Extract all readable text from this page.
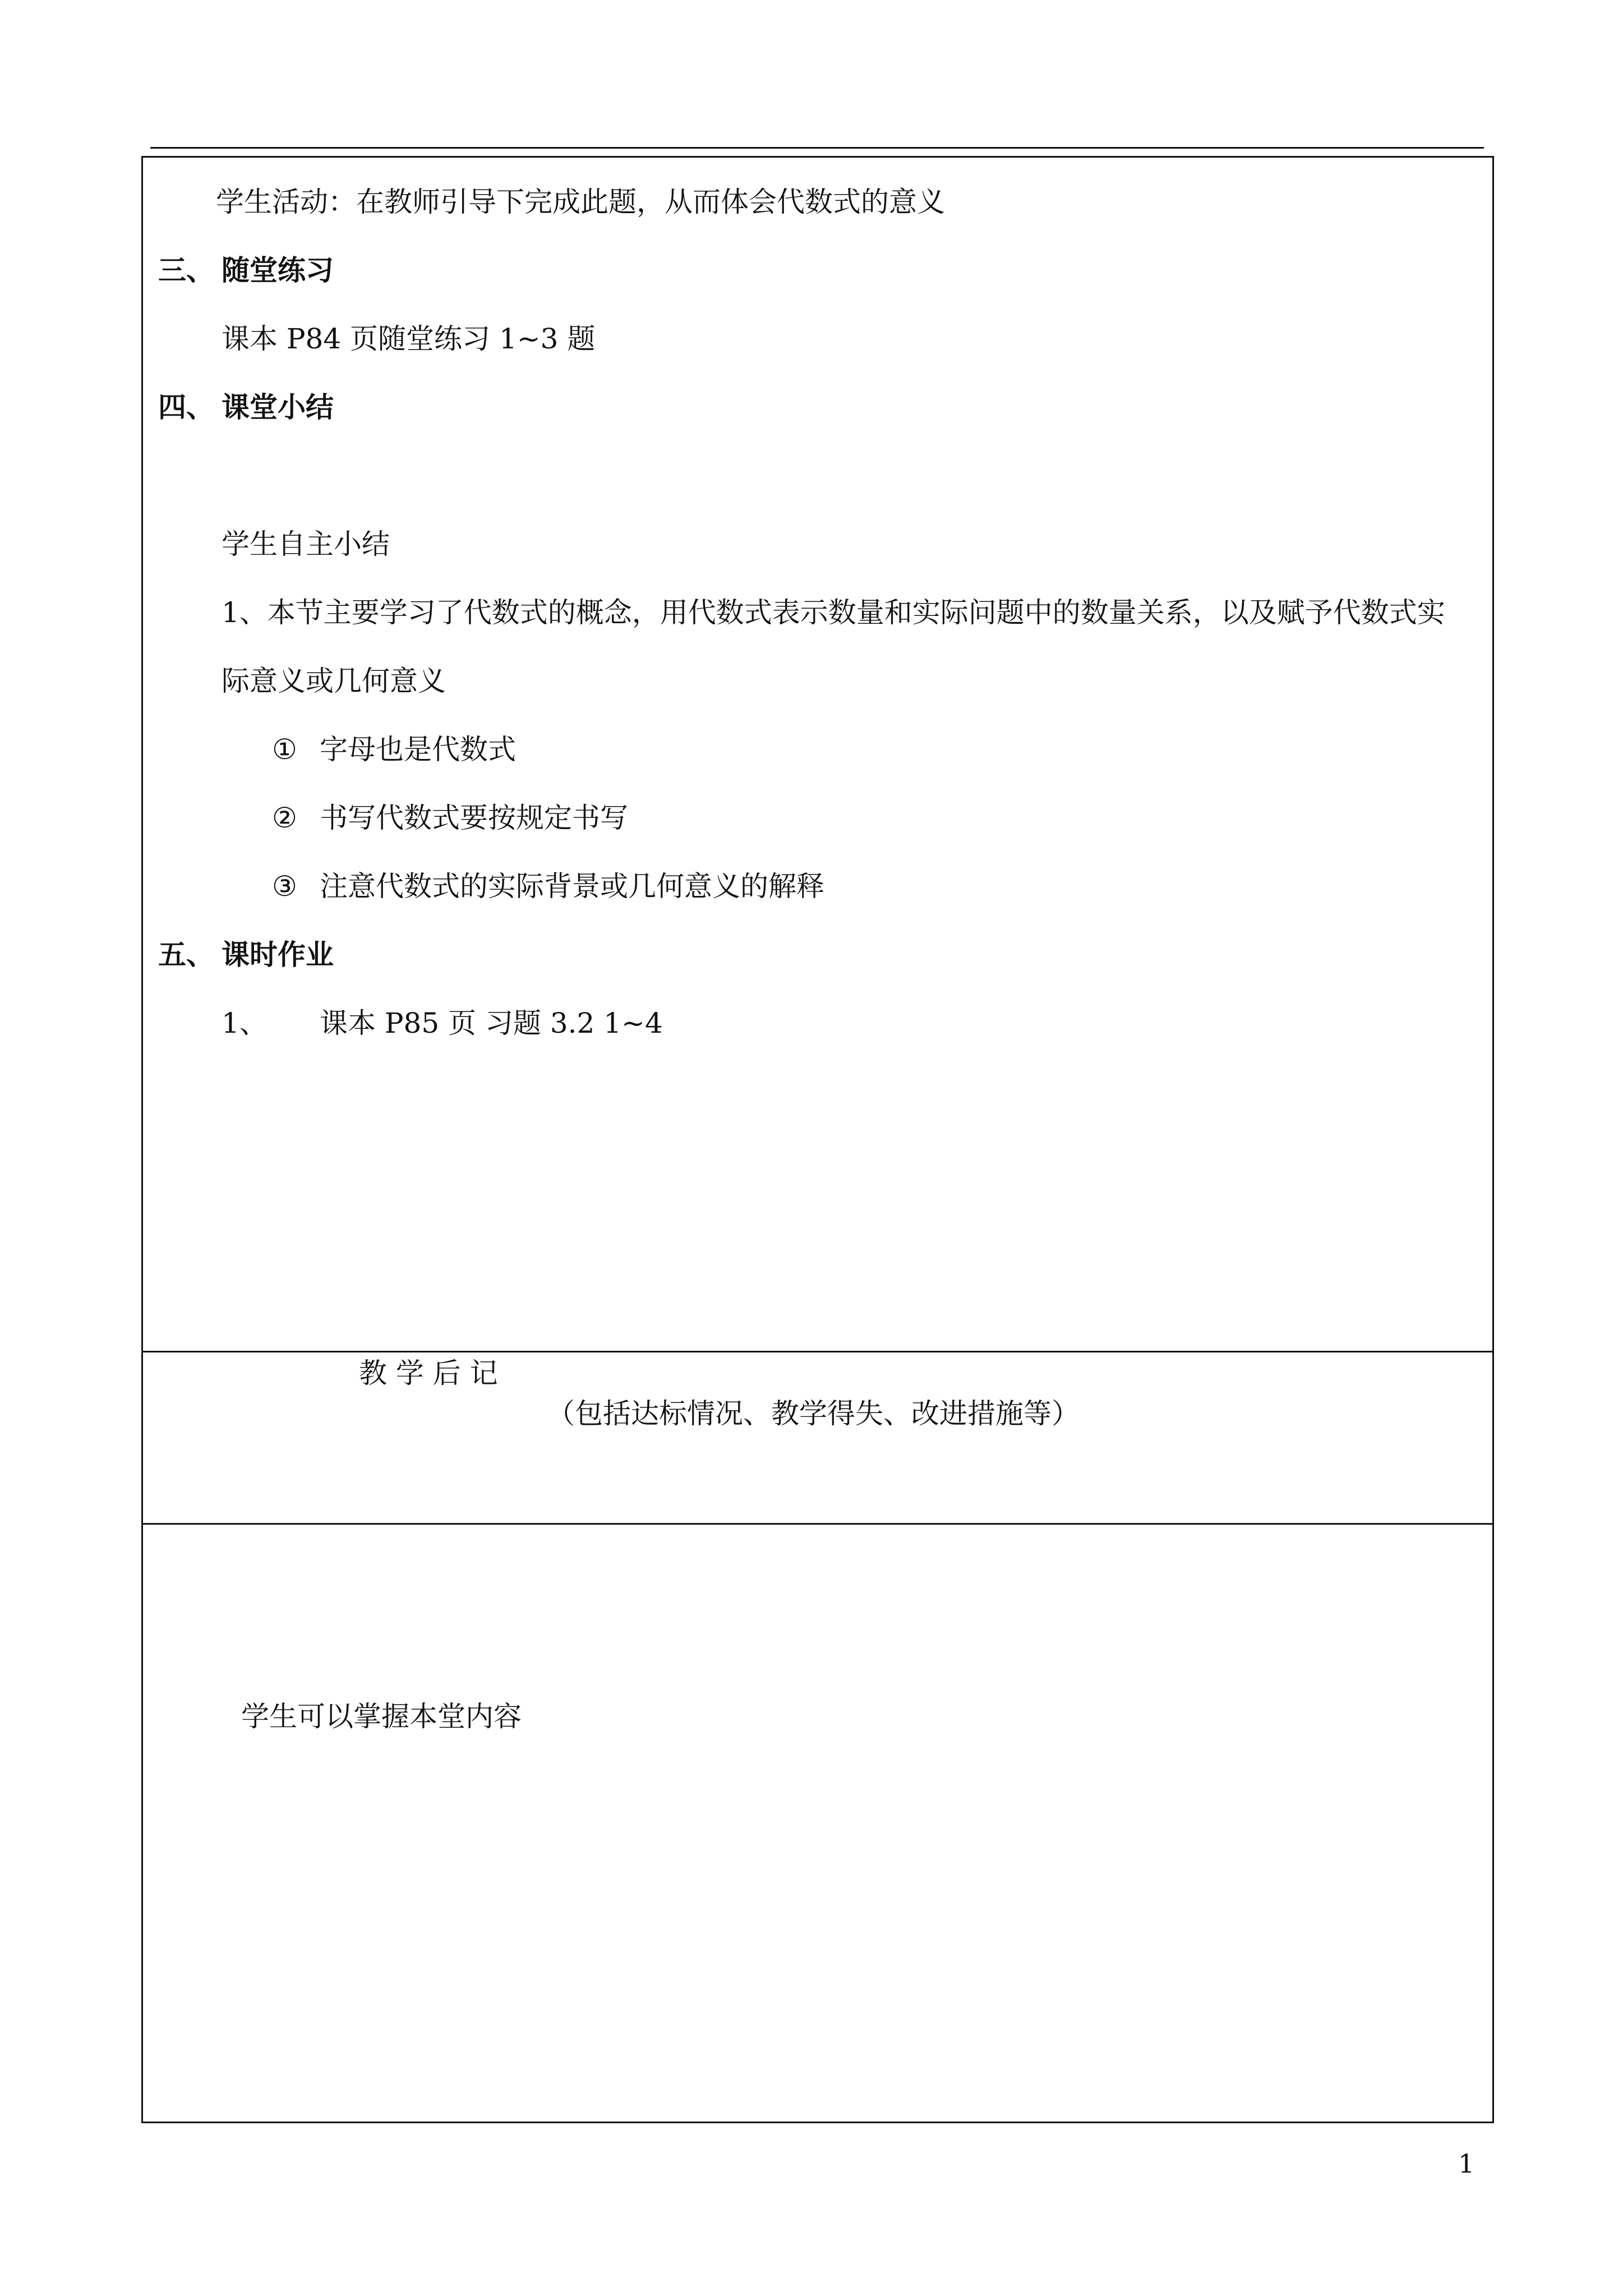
学生活动：在教师引导下完成此题，从而体会代数式的意义
三、 随堂练习
课本 P84 页随堂练习 1~3 题
四、 课堂小结
学生自主小结
1、本节主要学习了代数式的概念，用代数式表示数量和实际问题中的数量关系，以及赋予代数式实
际意义或几何意义
① 字母也是代数式
② 书写代数式要按规定书写
③ 注意代数式的实际背景或几何意义的解释
五、 课时作业
1、 课本 P85 页 习题 3.2 1~4
教 学 后 记
（包括达标情况、教学得失、改进措施等）
学生可以掌握本堂内容
1
